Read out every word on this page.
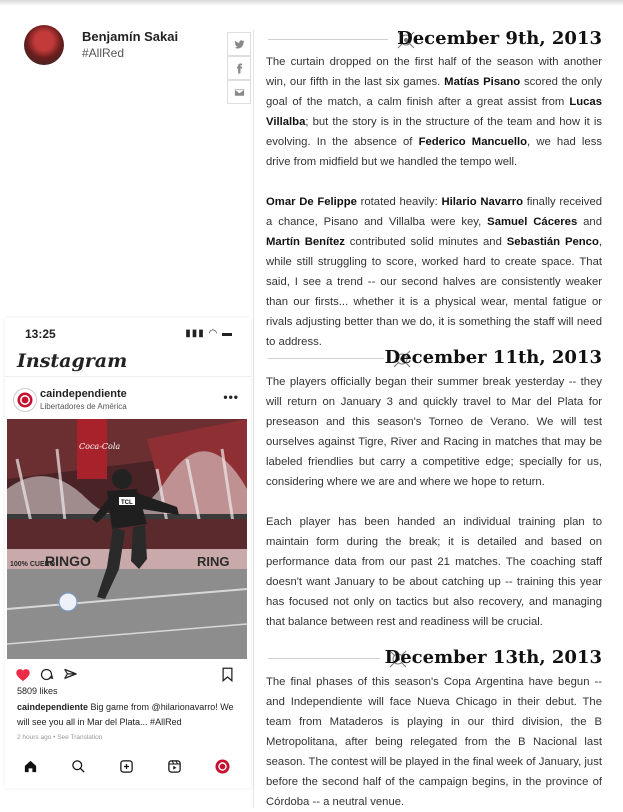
Benjamín Sakai
#AllRed
13:25	▮▮▮ ◠ ▬
Instagram
caindependiente
Libertadores de América
•••
RINGO
100% CUERO	RING
Coca-Cola
TCL
5809 likes
caindependiente Big game from @hilarionavarro! We will see you all in Mar del Plata... #AllRed
2 hours ago • See Translation
December 9th, 2013
The curtain dropped on the first half of the season with another win, our fifth in the last six games. Matías Pisano scored the only goal of the match, a calm finish after a great assist from Lucas Villalba; but the story is in the structure of the team and how it is evolving. In the absence of Federico Mancuello, we had less drive from midfield but we handled the tempo well.
Omar De Felippe rotated heavily: Hilario Navarro finally received a chance, Pisano and Villalba were key, Samuel Cáceres and Martín Benítez contributed solid minutes and Sebastián Penco, while still struggling to score, worked hard to create space. That said, I see a trend -- our second halves are consistently weaker than our firsts... whether it is a physical wear, mental fatigue or rivals adjusting better than we do, it is something the staff will need to address.
December 11th, 2013
The players officially began their summer break yesterday -- they will return on January 3 and quickly travel to Mar del Plata for preseason and this season's Torneo de Verano. We will test ourselves against Tigre, River and Racing in matches that may be labeled friendlies but carry a competitive edge; specially for us, considering where we are and where we hope to return.
Each player has been handed an individual training plan to maintain form during the break; it is detailed and based on performance data from our past 21 matches. The coaching staff doesn't want January to be about catching up -- training this year has focused not only on tactics but also recovery, and managing that balance between rest and readiness will be crucial.
December 13th, 2013
The final phases of this season's Copa Argentina have begun -- and Independiente will face Nueva Chicago in their debut. The team from Mataderos is playing in our third division, the B Metropolitana, after being relegated from the B Nacional last season. The contest will be played in the final week of January, just before the second half of the campaign begins, in the province of Córdoba -- a neutral venue.
